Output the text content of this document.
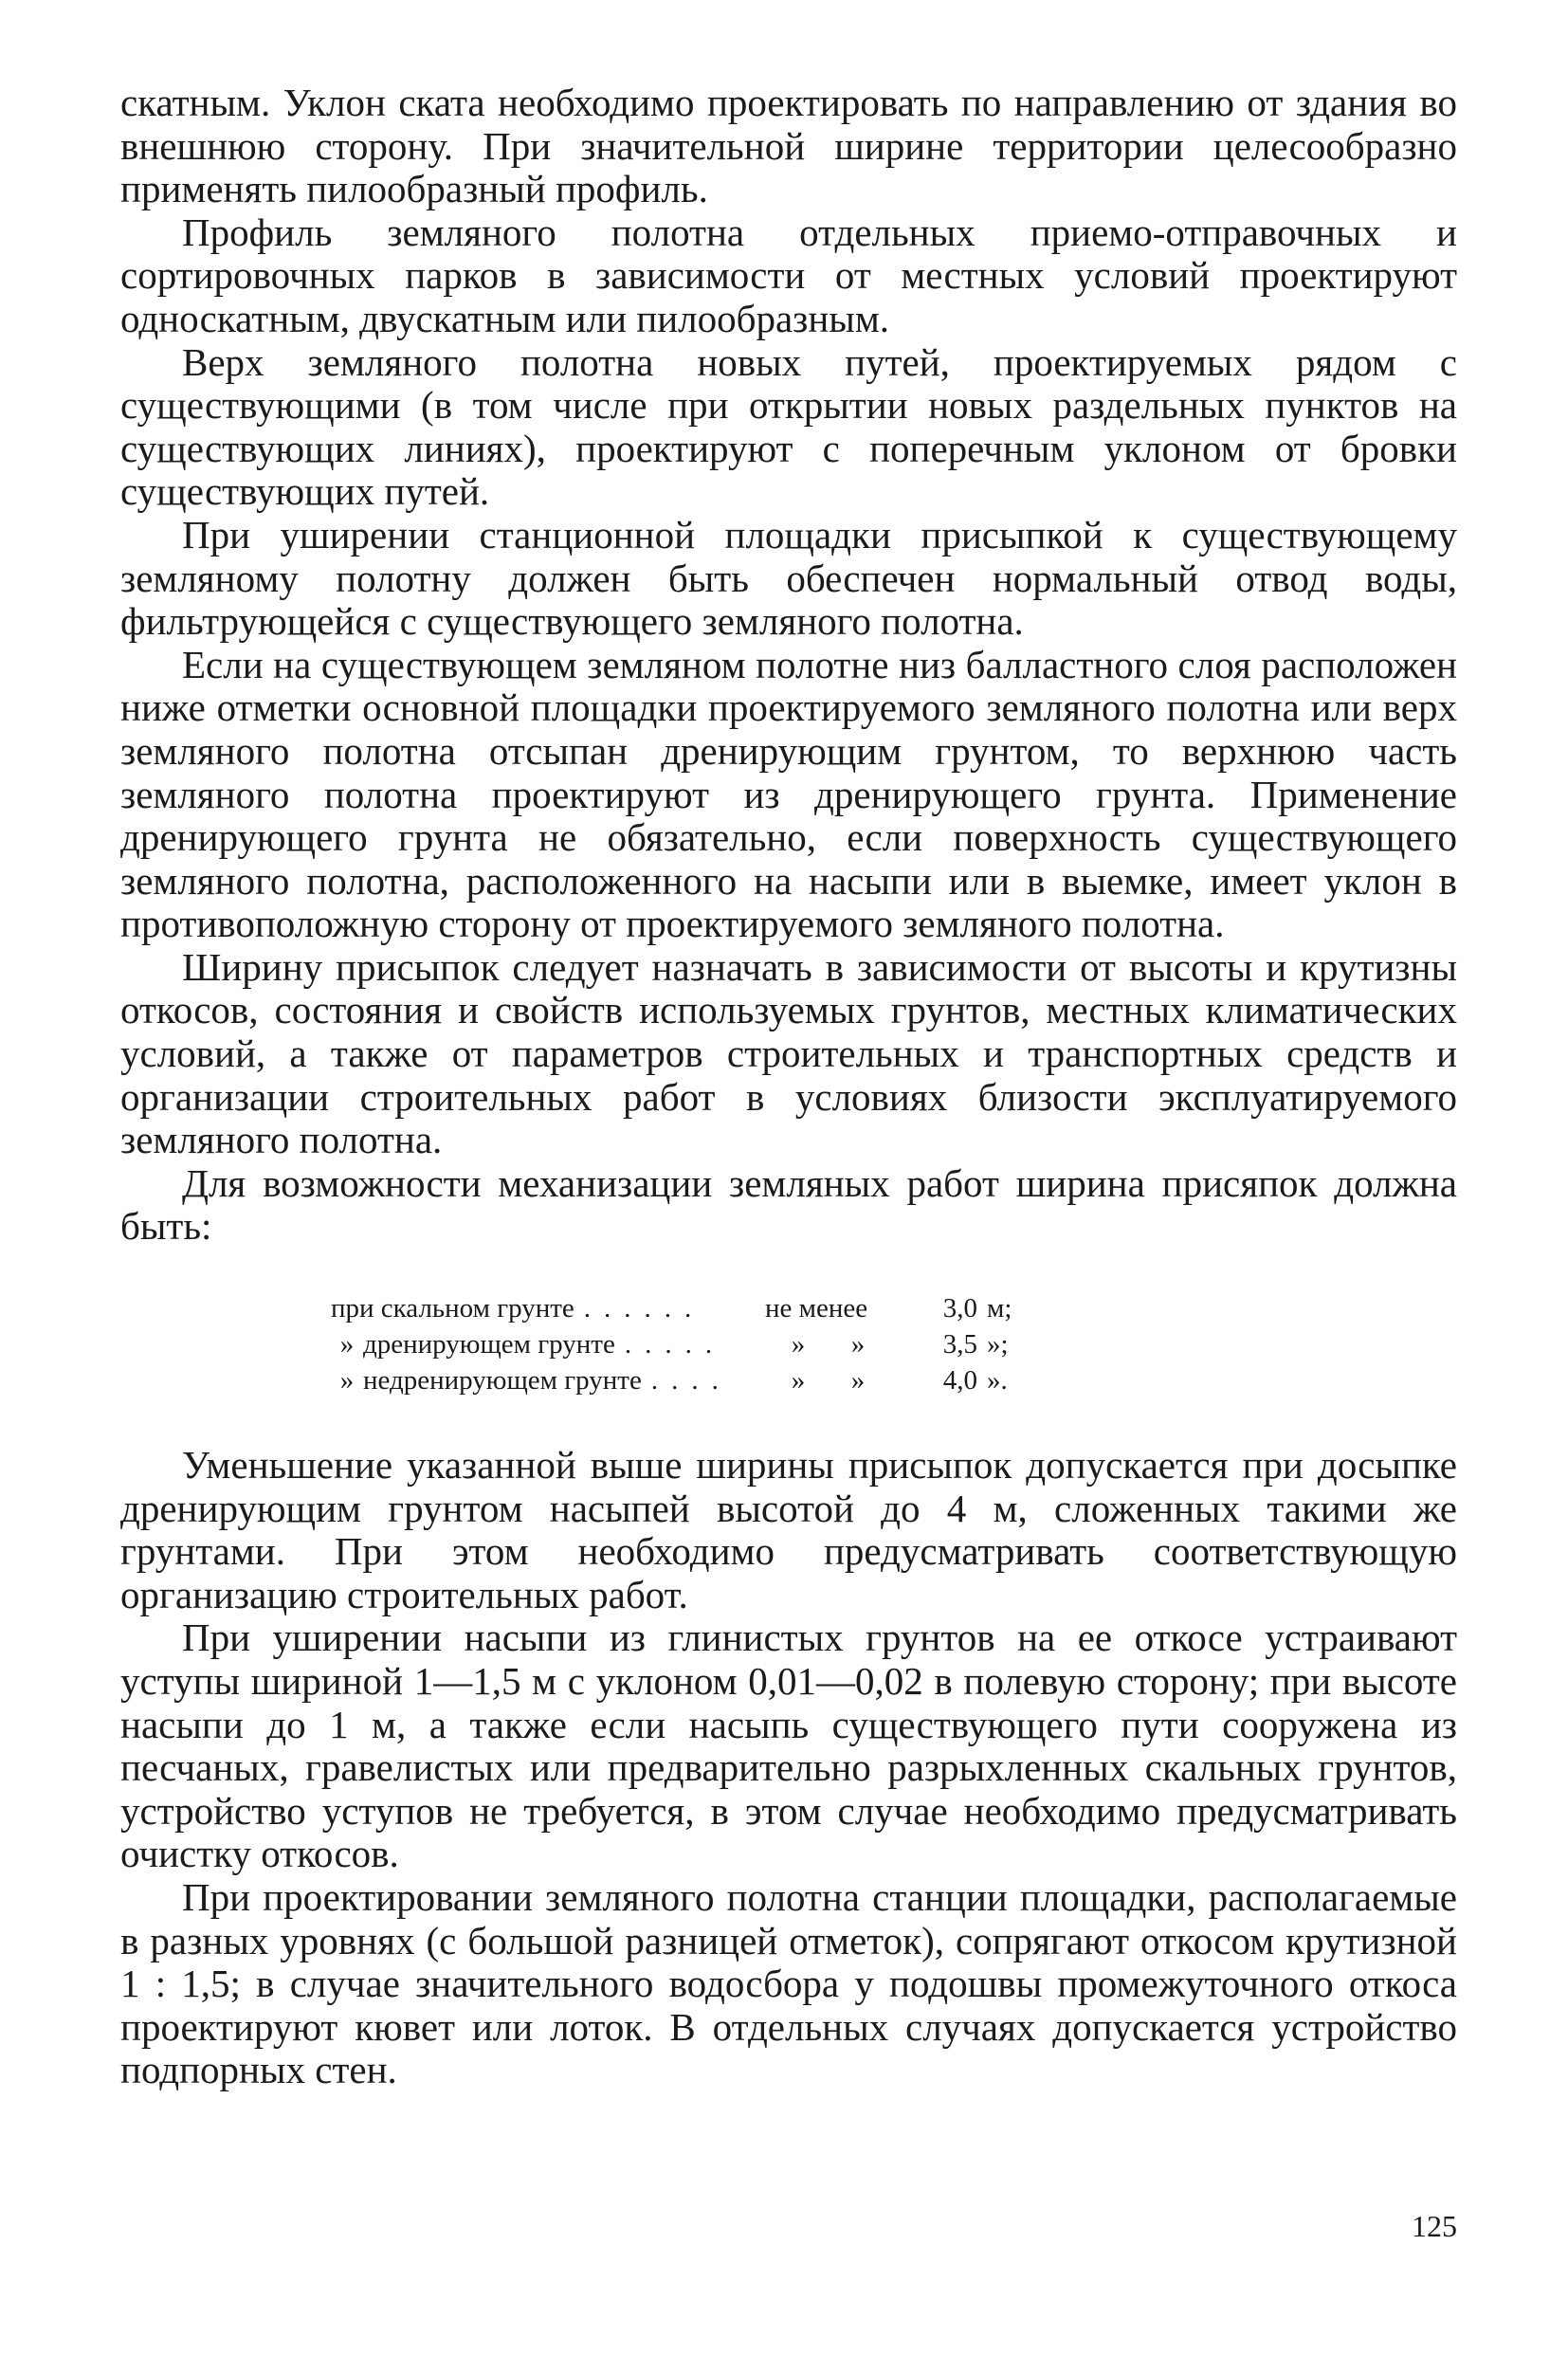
скатным. Уклон ската необходимо проектировать по направлению от здания во внешнюю сторону. При значительной ширине территории целесообразно применять пилообразный профиль.

Профиль земляного полотна отдельных приемо-отправочных и сортировочных парков в зависимости от местных условий проектируют односкатным, двускатным или пилообразным.

Верх земляного полотна новых путей, проектируемых рядом с существующими (в том числе при открытии новых раздельных пунктов на существующих линиях), проектируют с поперечным уклоном от бровки существующих путей.

При уширении станционной площадки присыпкой к существующему земляному полотну должен быть обеспечен нормальный отвод воды, фильтрующейся с существующего земляного полотна.

Если на существующем земляном полотне низ балластного слоя расположен ниже отметки основной площадки проектируемого земляного полотна или верх земляного полотна отсыпан дренирующим грунтом, то верхнюю часть земляного полотна проектируют из дренирующего грунта. Применение дренирующего грунта не обязательно, если поверхность существующего земляного полотна, расположенного на насыпи или в выемке, имеет уклон в противоположную сторону от проектируемого земляного полотна.

Ширину присыпок следует назначать в зависимости от высоты и крутизны откосов, состояния и свойств используемых грунтов, местных климатических условий, а также от параметров строительных и транспортных средств и организации строительных работ в условиях близости эксплуатируемого земляного полотна.

Для возможности механизации земляных работ ширина присяпок должна быть:

при скальном грунте ......	не менее	3,0 м;
» дренирующем грунте .....	»	»	3,5 »;
» недренирующем грунте ....	»	»	4,0 ».

Уменьшение указанной выше ширины присыпок допускается при досыпке дренирующим грунтом насыпей высотой до 4 м, сложенных такими же грунтами. При этом необходимо предусматривать соответствующую организацию строительных работ.

При уширении насыпи из глинистых грунтов на ее откосе устраивают уступы шириной 1—1,5 м с уклоном 0,01—0,02 в полевую сторону; при высоте насыпи до 1 м, а также если насыпь существующего пути сооружена из песчаных, гравелистых или предварительно разрыхленных скальных грунтов, устройство уступов не требуется, в этом случае необходимо предусматривать очистку откосов.

При проектировании земляного полотна станции площадки, располагаемые в разных уровнях (с большой разницей отметок), сопрягают откосом крутизной 1 : 1,5; в случае значительного водосбора у подошвы промежуточного откоса проектируют кювет или лоток. В отдельных случаях допускается устройство подпорных стен.

125
